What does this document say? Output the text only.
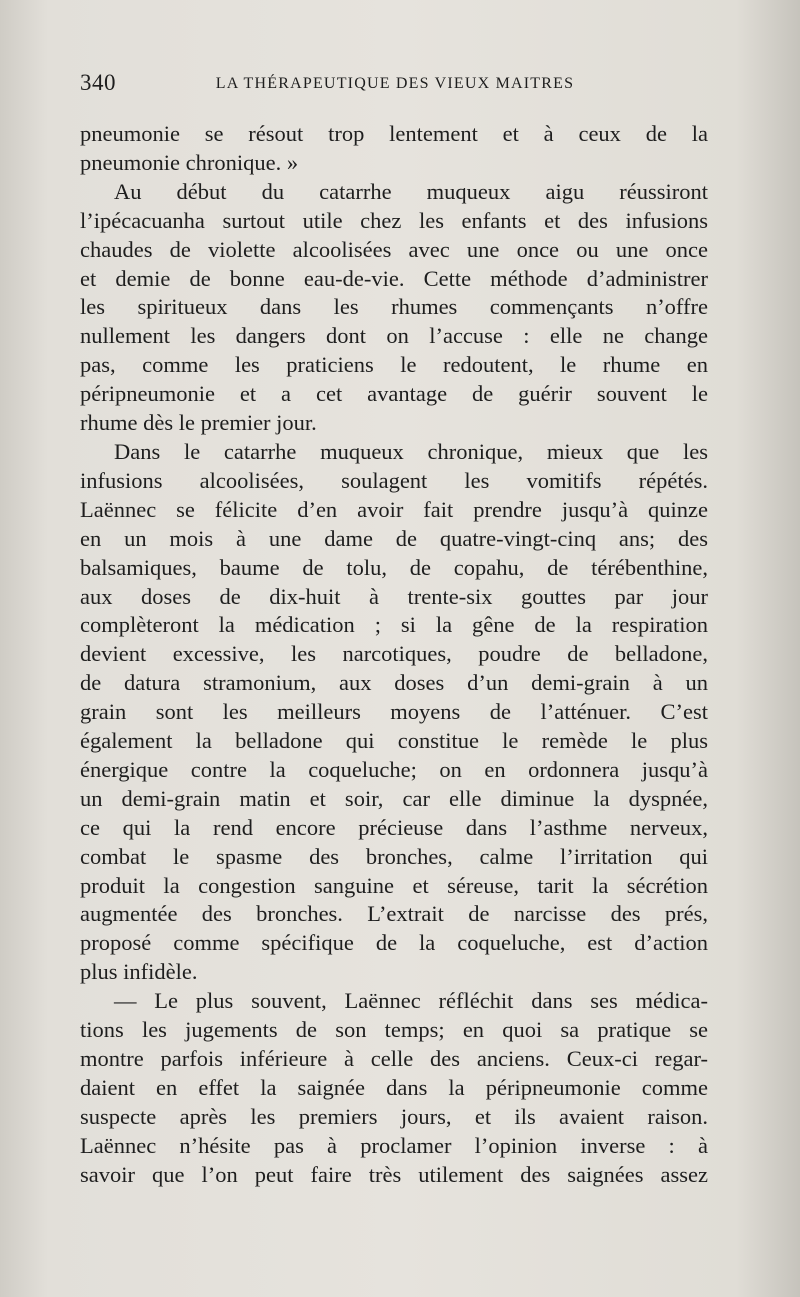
340	LA THÉRAPEUTIQUE DES VIEUX MAITRES
pneumonie se résout trop lentement et à ceux de la
pneumonie chronique. »
Au début du catarrhe muqueux aigu réussiront
l’ipécacuanha surtout utile chez les enfants et des infusions
chaudes de violette alcoolisées avec une once ou une once
et demie de bonne eau-de-vie. Cette méthode d’administrer
les spiritueux dans les rhumes commençants n’offre
nullement les dangers dont on l’accuse : elle ne change
pas, comme les praticiens le redoutent, le rhume en
péripneumonie et a cet avantage de guérir souvent le
rhume dès le premier jour.
Dans le catarrhe muqueux chronique, mieux que les
infusions alcoolisées, soulagent les vomitifs répétés.
Laënnec se félicite d’en avoir fait prendre jusqu’à quinze
en un mois à une dame de quatre-vingt-cinq ans; des
balsamiques, baume de tolu, de copahu, de térébenthine,
aux doses de dix-huit à trente-six gouttes par jour
complèteront la médication ; si la gêne de la respiration
devient excessive, les narcotiques, poudre de belladone,
de datura stramonium, aux doses d’un demi-grain à un
grain sont les meilleurs moyens de l’atténuer. C’est
également la belladone qui constitue le remède le plus
énergique contre la coqueluche; on en ordonnera jusqu’à
un demi-grain matin et soir, car elle diminue la dyspnée,
ce qui la rend encore précieuse dans l’asthme nerveux,
combat le spasme des bronches, calme l’irritation qui
produit la congestion sanguine et séreuse, tarit la sécrétion
augmentée des bronches. L’extrait de narcisse des prés,
proposé comme spécifique de la coqueluche, est d’action
plus infidèle.
— Le plus souvent, Laënnec réfléchit dans ses médica-
tions les jugements de son temps; en quoi sa pratique se
montre parfois inférieure à celle des anciens. Ceux-ci regar-
daient en effet la saignée dans la péripneumonie comme
suspecte après les premiers jours, et ils avaient raison.
Laënnec n’hésite pas à proclamer l’opinion inverse : à
savoir que l’on peut faire très utilement des saignées assez
